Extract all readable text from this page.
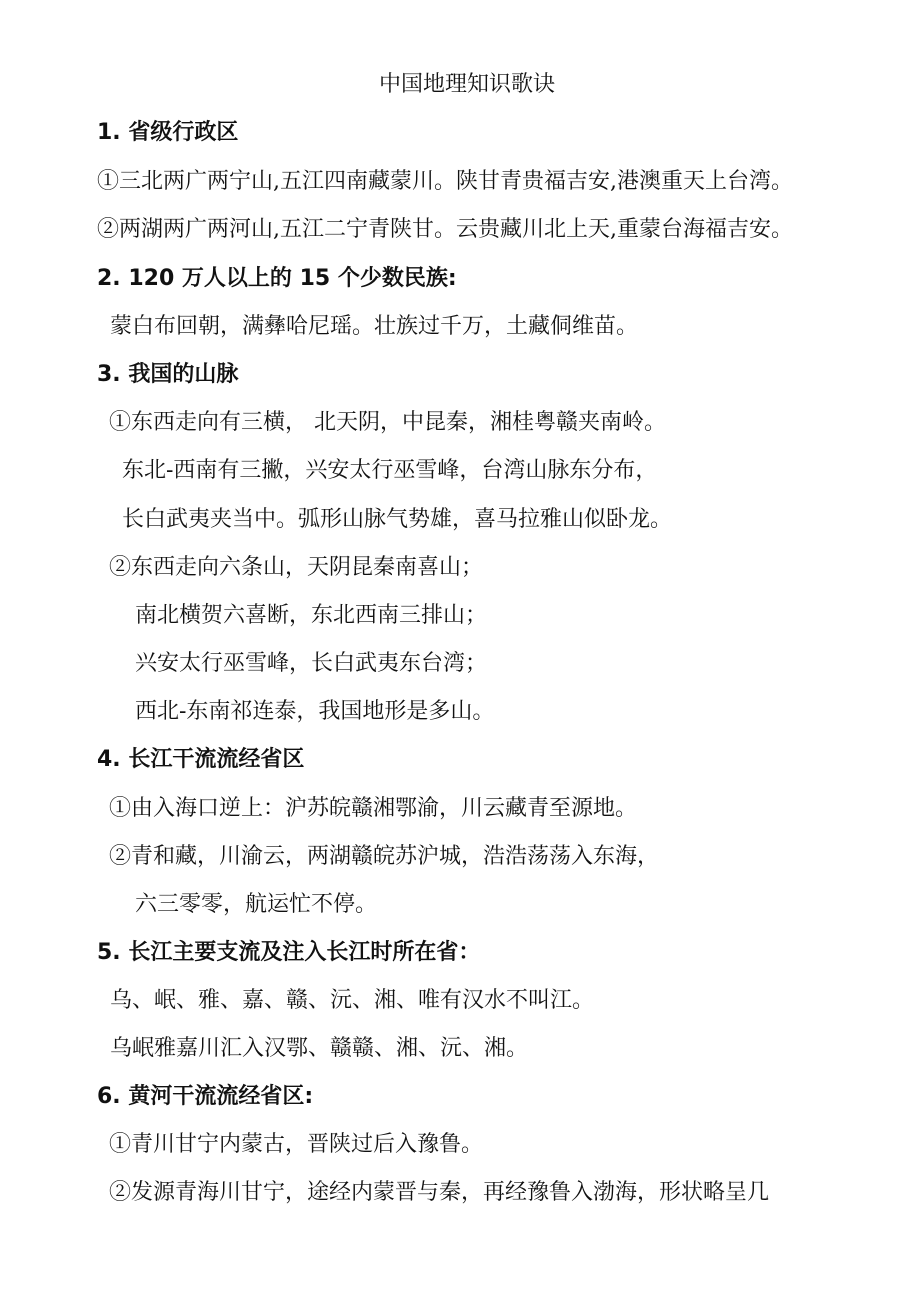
中国地理知识歌诀
1. 省级行政区
①三北两广两宁山,五江四南藏蒙川。陕甘青贵福吉安,港澳重天上台湾。
②两湖两广两河山,五江二宁青陕甘。云贵藏川北上天,重蒙台海福吉安。
2. 120 万人以上的 15 个少数民族:
蒙白布回朝，满彝哈尼瑶。壮族过千万，土藏侗维苗。
3. 我国的山脉
①东西走向有三横， 北天阴，中昆秦，湘桂粤赣夹南岭。
东北-西南有三撇，兴安太行巫雪峰，台湾山脉东分布，
长白武夷夹当中。弧形山脉气势雄，喜马拉雅山似卧龙。
②东西走向六条山，天阴昆秦南喜山；
南北横贺六喜断，东北西南三排山；
兴安太行巫雪峰，长白武夷东台湾；
西北-东南祁连泰，我国地形是多山。
4. 长江干流流经省区
①由入海口逆上：沪苏皖赣湘鄂渝，川云藏青至源地。
②青和藏，川渝云，两湖赣皖苏沪城，浩浩荡荡入东海，
六三零零，航运忙不停。
5. 长江主要支流及注入长江时所在省：
乌、岷、雅、嘉、赣、沅、湘、唯有汉水不叫江。
乌岷雅嘉川汇入汉鄂、赣赣、湘、沅、湘。
6. 黄河干流流经省区:
①青川甘宁内蒙古，晋陕过后入豫鲁。
②发源青海川甘宁，途经内蒙晋与秦，再经豫鲁入渤海，形状略呈几
